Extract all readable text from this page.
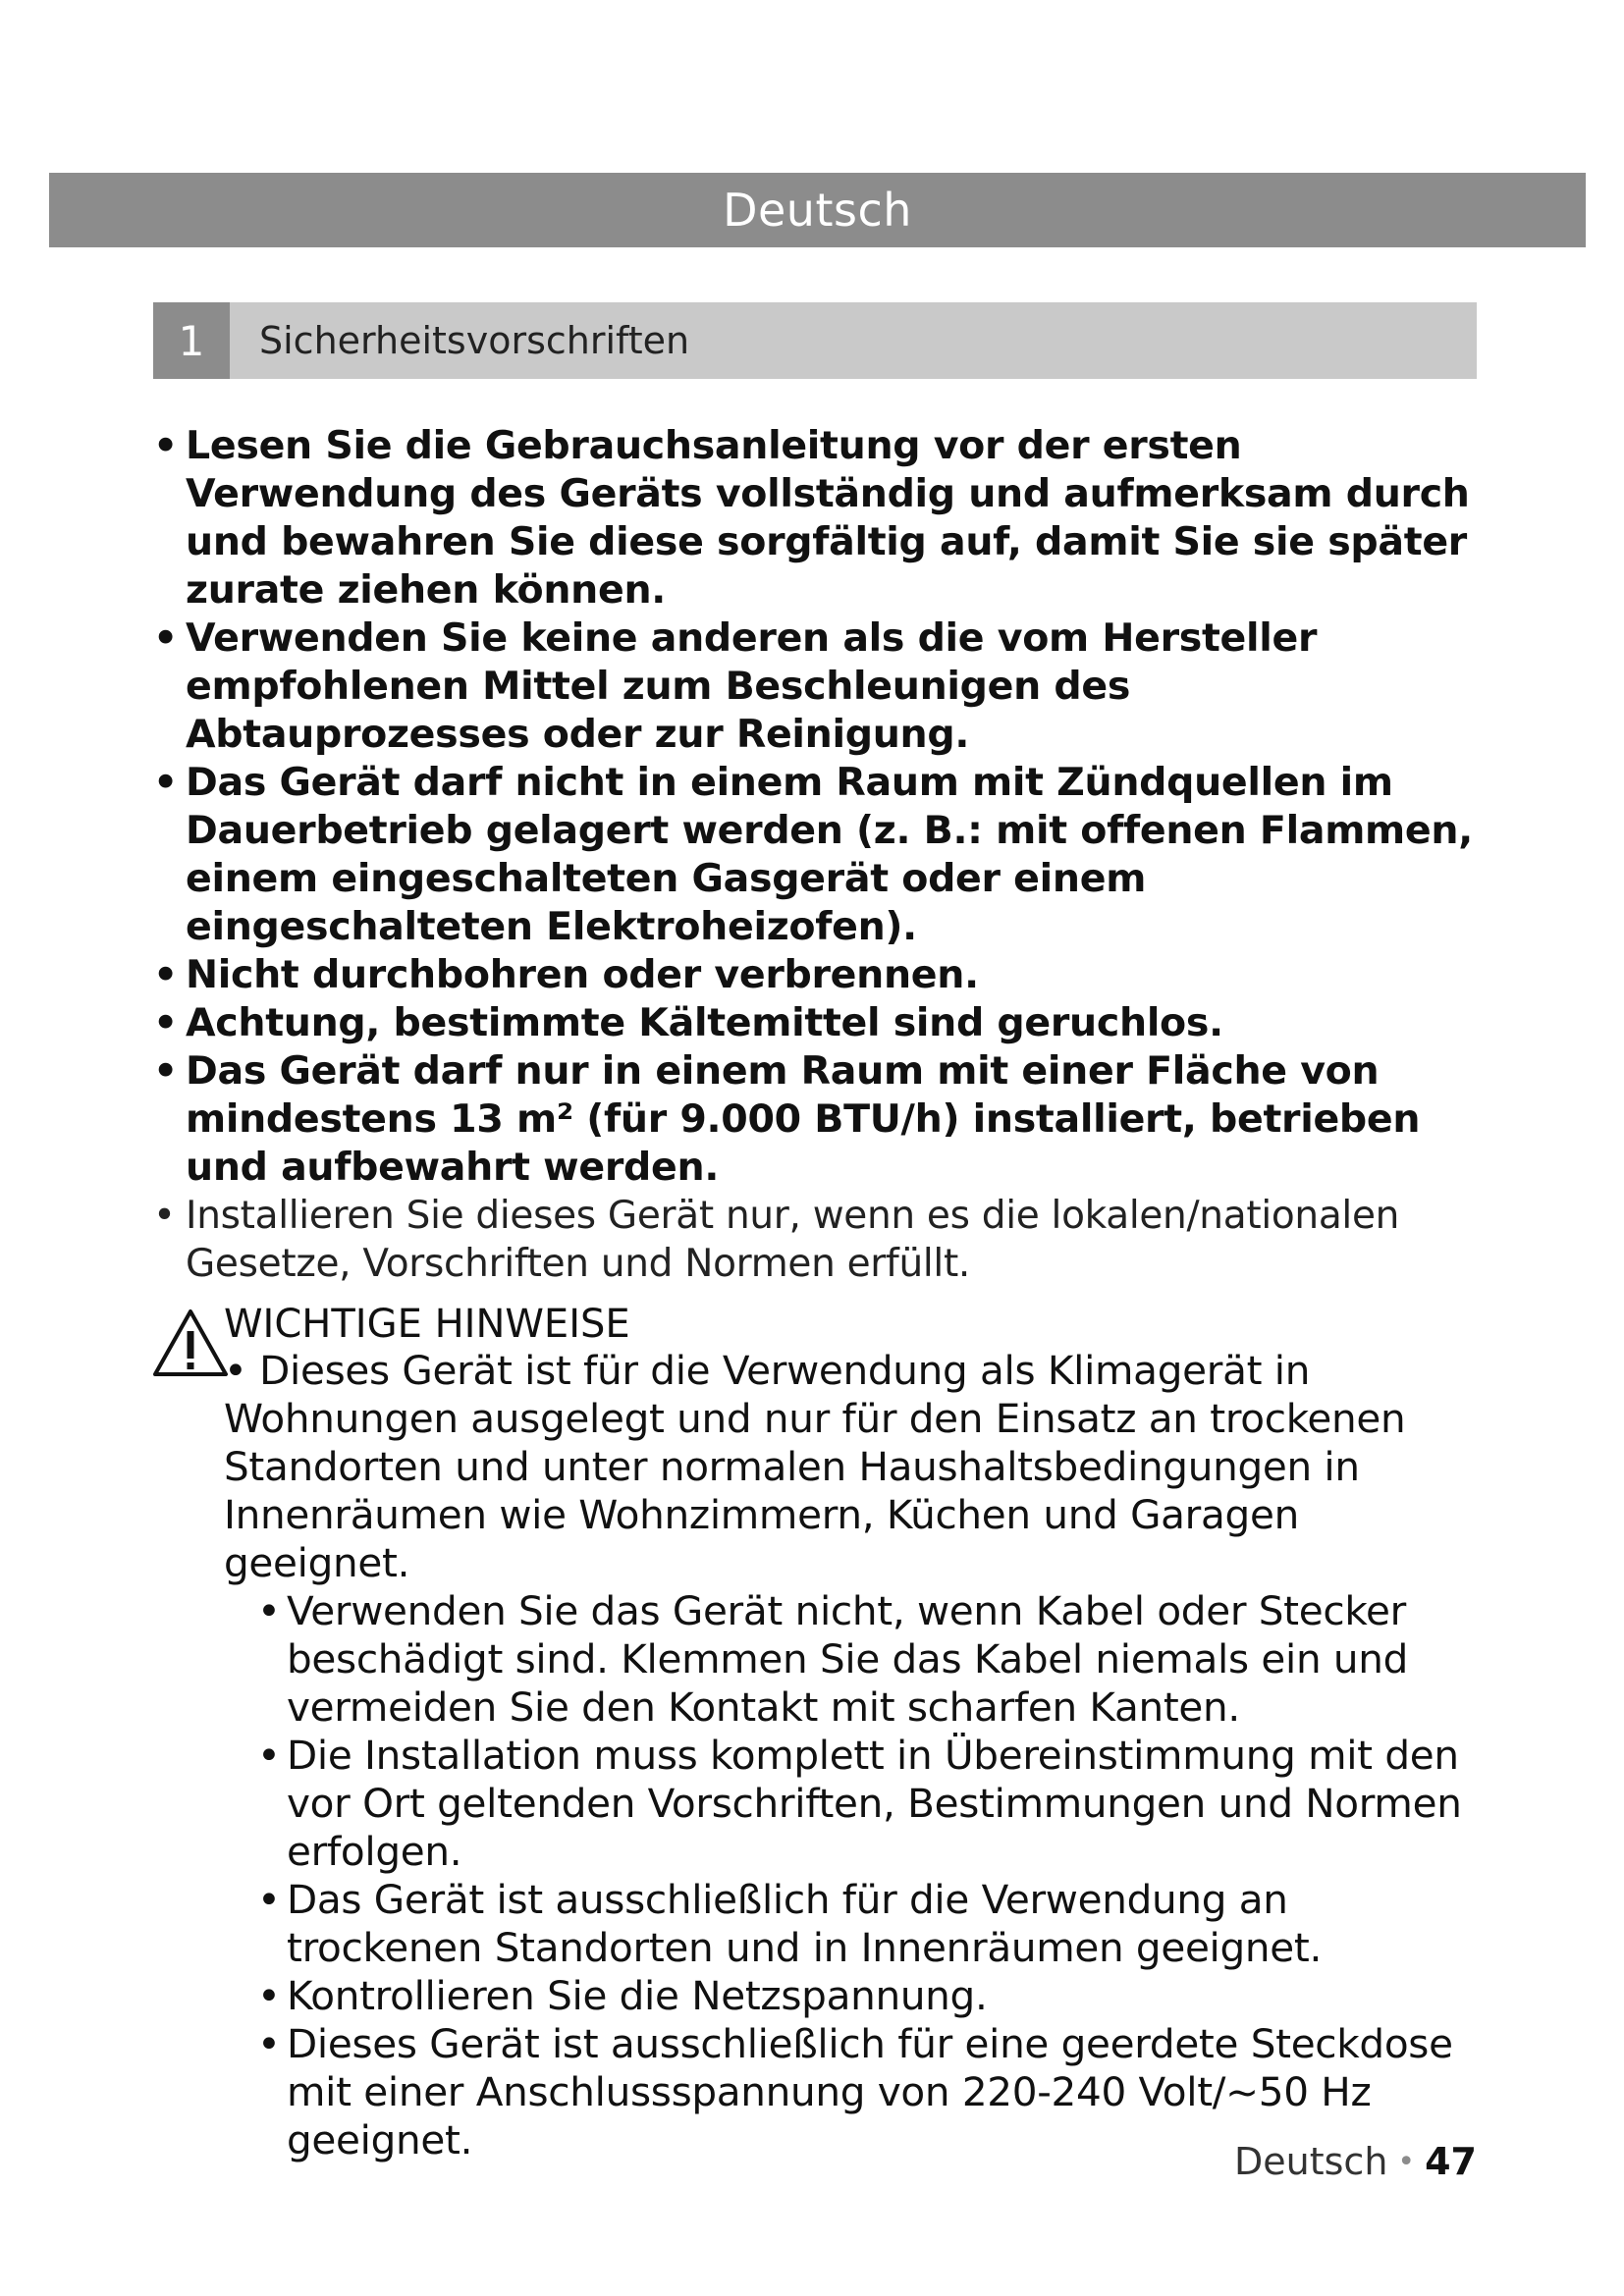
Deutsch
1	Sicherheitsvorschriften
• Lesen Sie die Gebrauchsanleitung vor der ersten Verwendung des Geräts vollständig und aufmerksam durch und bewahren Sie diese sorgfältig auf, damit Sie sie später zurate ziehen können.
• Verwenden Sie keine anderen als die vom Hersteller empfohlenen Mittel zum Beschleunigen des Abtauprozesses oder zur Reinigung.
• Das Gerät darf nicht in einem Raum mit Zündquellen im Dauerbetrieb gelagert werden (z. B.: mit offenen Flammen, einem eingeschalteten Gasgerät oder einem eingeschalteten Elektroheizofen).
• Nicht durchbohren oder verbrennen.
• Achtung, bestimmte Kältemittel sind geruchlos.
• Das Gerät darf nur in einem Raum mit einer Fläche von mindestens 13 m² (für 9.000 BTU/h) installiert, betrieben und aufbewahrt werden.
• Installieren Sie dieses Gerät nur, wenn es die lokalen/nationalen Gesetze, Vorschriften und Normen erfüllt.
WICHTIGE HINWEISE
• Dieses Gerät ist für die Verwendung als Klimagerät in Wohnungen ausgelegt und nur für den Einsatz an trockenen Standorten und unter normalen Haushaltsbedingungen in Innenräumen wie Wohnzimmern, Küchen und Garagen geeignet.
• Verwenden Sie das Gerät nicht, wenn Kabel oder Stecker beschädigt sind. Klemmen Sie das Kabel niemals ein und vermeiden Sie den Kontakt mit scharfen Kanten.
• Die Installation muss komplett in Übereinstimmung mit den vor Ort geltenden Vorschriften, Bestimmungen und Normen erfolgen.
• Das Gerät ist ausschließlich für die Verwendung an trockenen Standorten und in Innenräumen geeignet.
• Kontrollieren Sie die Netzspannung.
• Dieses Gerät ist ausschließlich für eine geerdete Steckdose mit einer Anschlussspannung von 220-240 Volt/~50 Hz geeignet.	Deutsch • 47
